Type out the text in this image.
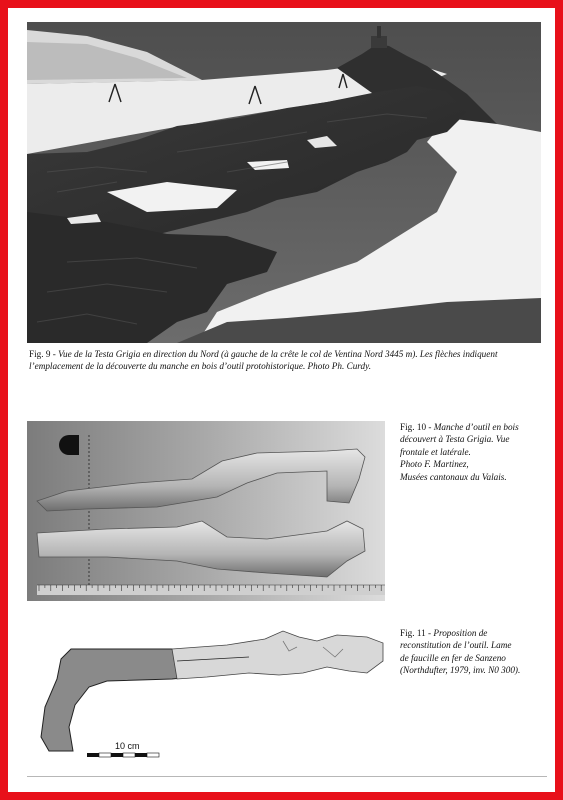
Fig. 9 - Vue de la Testa Grigia en direction du Nord (à gauche de la crête le col de Ventina Nord 3445 m). Les flèches indiquent l’emplacement de la découverte du manche en bois d’outil protohistorique. Photo Ph. Curdy.
Fig. 10 - Manche d’outil en bois
découvert à Testa Grigia. Vue
frontale et latérale.
Photo F. Martinez,
Musées cantonaux du Valais.
10 cm
Fig. 11 - Proposition de
reconstitution de l’outil. Lame
de faucille en fer de Sanzeno
(Northdufter, 1979, inv. N0 300).
